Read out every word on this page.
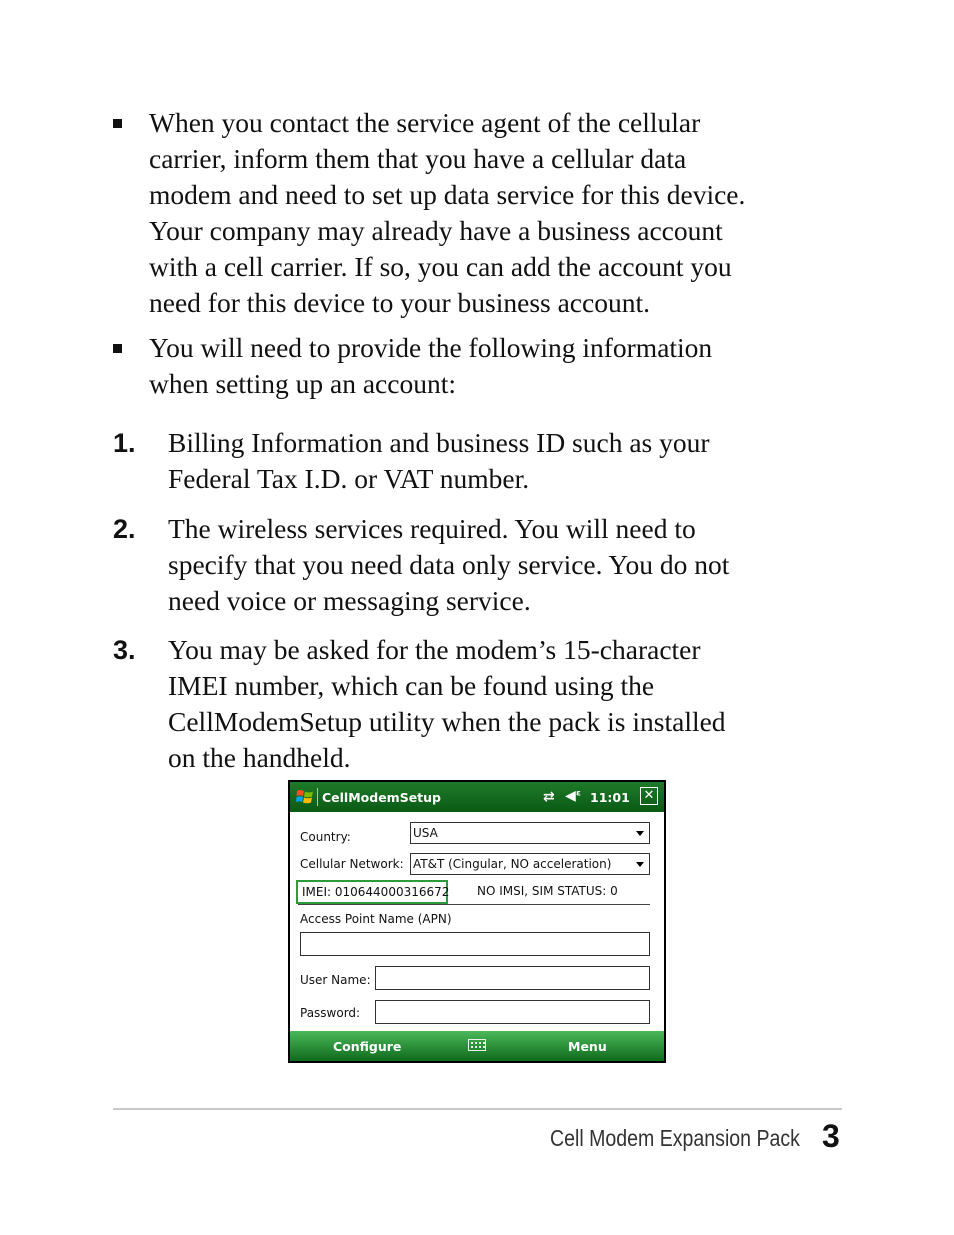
When you contact the service agent of the cellular
carrier, inform them that you have a cellular data
modem and need to set up data service for this device.
Your company may already have a business account
with a cell carrier. If so, you can add the account you
need for this device to your business account.
You will need to provide the following information
when setting up an account:
1. Billing Information and business ID such as your
Federal Tax I.D. or VAT number.
2. The wireless services required. You will need to
specify that you need data only service. You do not
need voice or messaging service.
3. You may be asked for the modem’s 15-character
IMEI number, which can be found using the
CellModemSetup utility when the pack is installed
on the handheld.
CellModemSetup	⇄ ◀ᵋ 11:01 ✕
Country:	USA
Cellular Network: AT&T (Cingular, NO acceleration)
IMEI: 010644000316672 NO IMSI, SIM STATUS: 0
Access Point Name (APN)
User Name:
Password:
Configure	Menu
Cell Modem Expansion Pack 3
